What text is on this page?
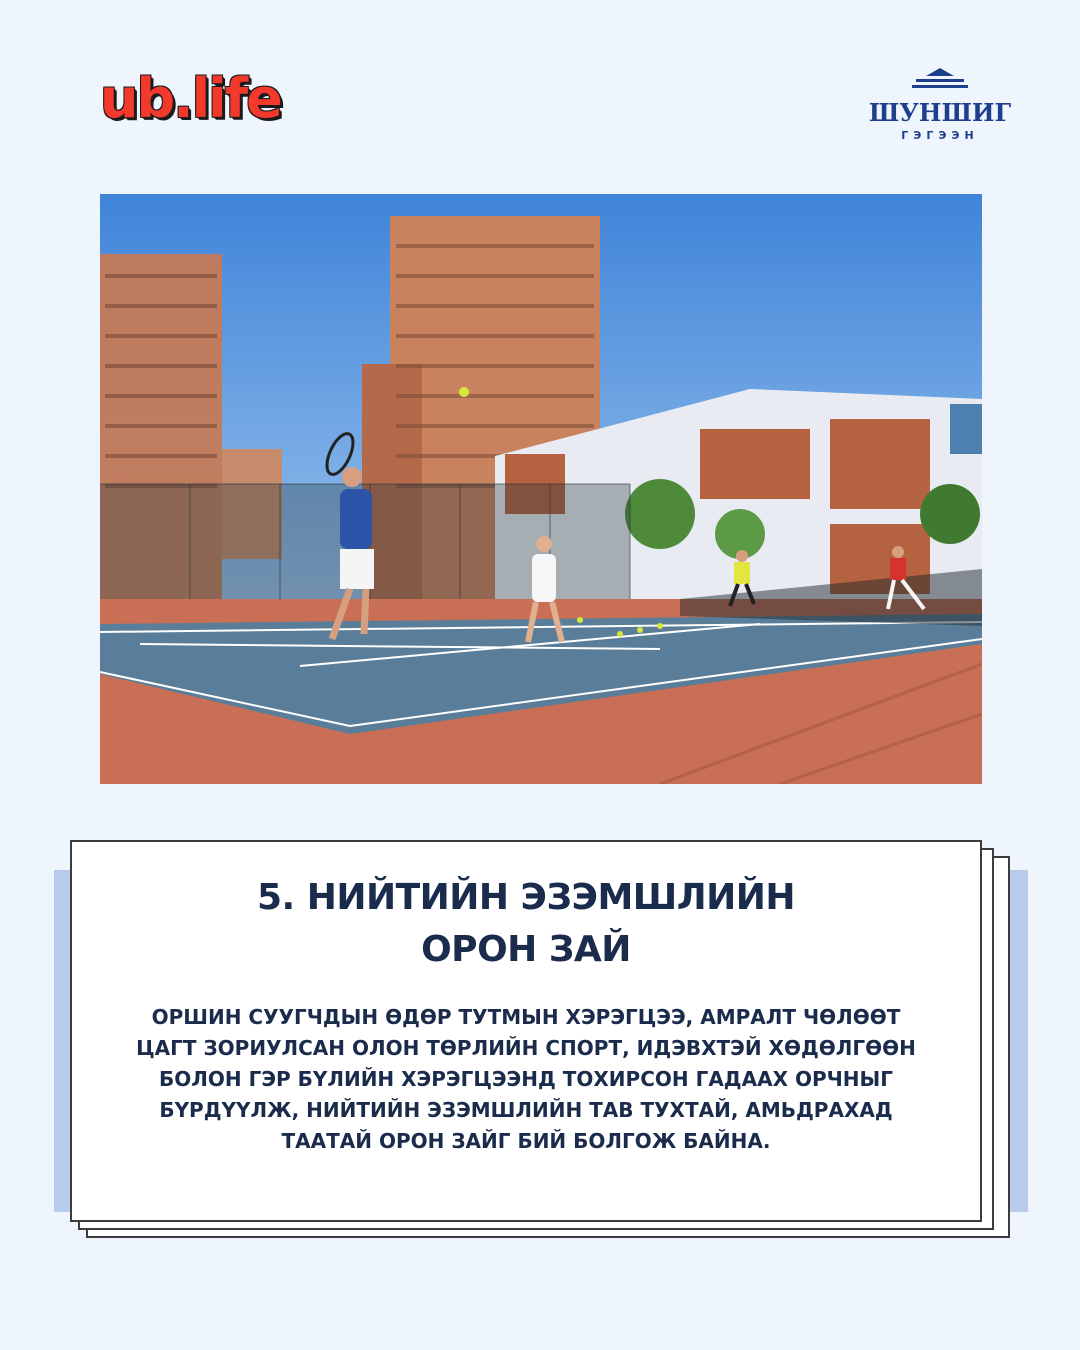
ub.life	ШУНШИГ
ГЭГЭЭН
5. НИЙТИЙН ЭЗЭМШЛИЙН
ОРОН ЗАЙ

ОРШИН СУУГЧДЫН ӨДӨР ТУТМЫН ХЭРЭГЦЭЭ, АМРАЛТ ЧӨЛӨӨТ ЦАГТ ЗОРИУЛСАН ОЛОН ТӨРЛИЙН СПОРТ, ИДЭВХТЭЙ ХӨДӨЛГӨӨН БОЛОН ГЭР БҮЛИЙН ХЭРЭГЦЭЭНД ТОХИРСОН ГАДААХ ОРЧНЫГ БҮРДҮҮЛЖ, НИЙТИЙН ЭЗЭМШЛИЙН ТАВ ТУХТАЙ, АМЬДРАХАД ТААТАЙ ОРОН ЗАЙГ БИЙ БОЛГОЖ БАЙНА.
